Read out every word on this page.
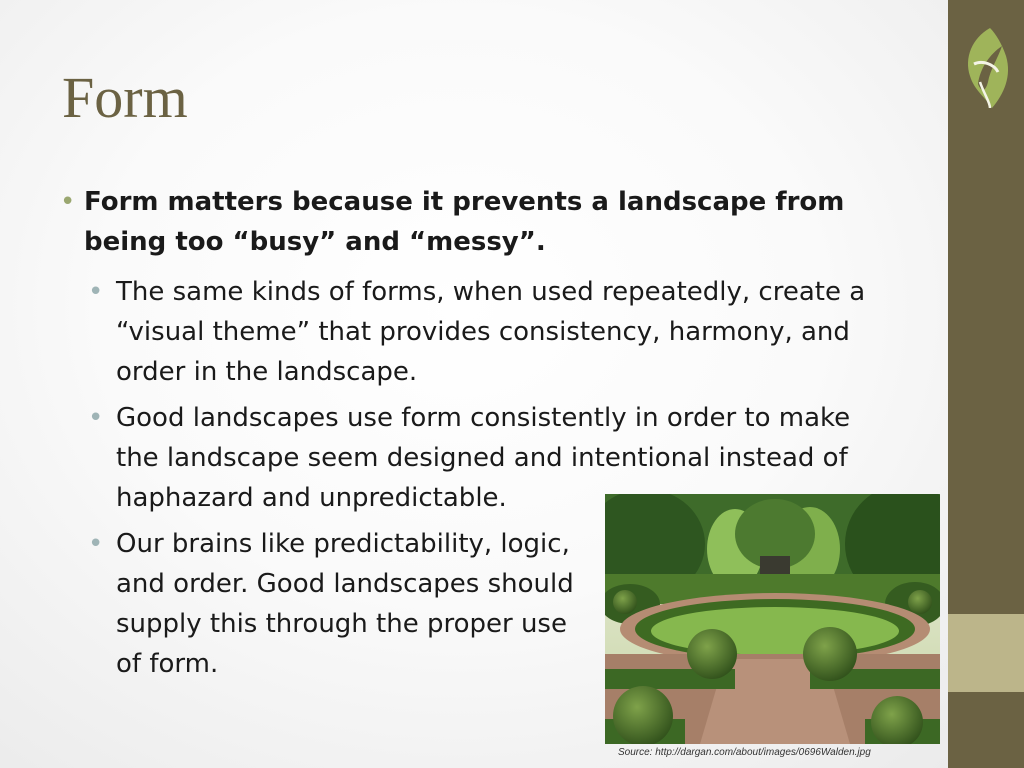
Form
• Form matters because it prevents a landscape from being too “busy” and “messy”.
• The same kinds of forms, when used repeatedly, create a “visual theme” that provides consistency, harmony, and order in the landscape.
• Good landscapes use form consistently in order to make the landscape seem designed and intentional instead of haphazard and unpredictable.
• Our brains like predictability, logic, and order. Good landscapes should supply this through the proper use of form.
Source: http://dargan.com/about/images/0696Walden.jpg
